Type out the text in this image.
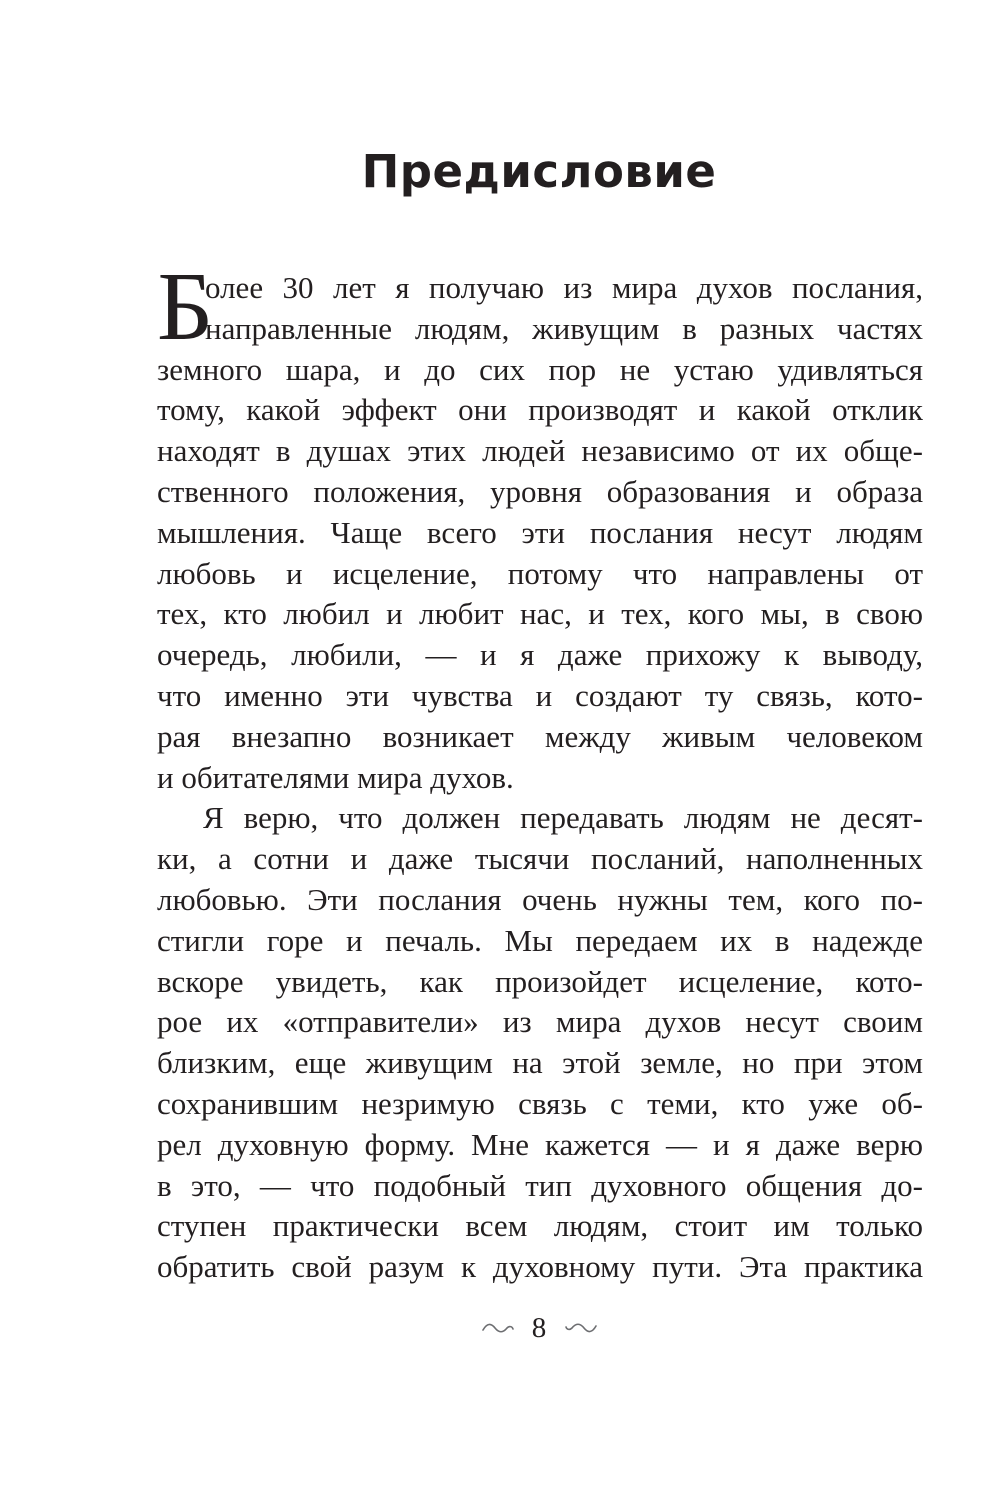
Предисловие
Б
олее 30 лет я получаю из мира духов послания,
направленные людям, живущим в разных частях
земного шара, и до сих пор не устаю удивляться
тому, какой эффект они производят и какой отклик
находят в душах этих людей независимо от их обще-
ственного положения, уровня образования и образа
мышления. Чаще всего эти послания несут людям
любовь и исцеление, потому что направлены от
тех, кто любил и любит нас, и тех, кого мы, в свою
очередь, любили, — и я даже прихожу к выводу,
что именно эти чувства и создают ту связь, кото-
рая внезапно возникает между живым человеком
и обитателями мира духов.
Я верю, что должен передавать людям не десят-
ки, а сотни и даже тысячи посланий, наполненных
любовью. Эти послания очень нужны тем, кого по-
стигли горе и печаль. Мы передаем их в надежде
вскоре увидеть, как произойдет исцеление, кото-
рое их «отправители» из мира духов несут своим
близким, еще живущим на этой земле, но при этом
сохранившим незримую связь с теми, кто уже об-
рел духовную форму. Мне кажется — и я даже верю
в это, — что подобный тип духовного общения до-
ступен практически всем людям, стоит им только
обратить свой разум к духовному пути. Эта практика
8
